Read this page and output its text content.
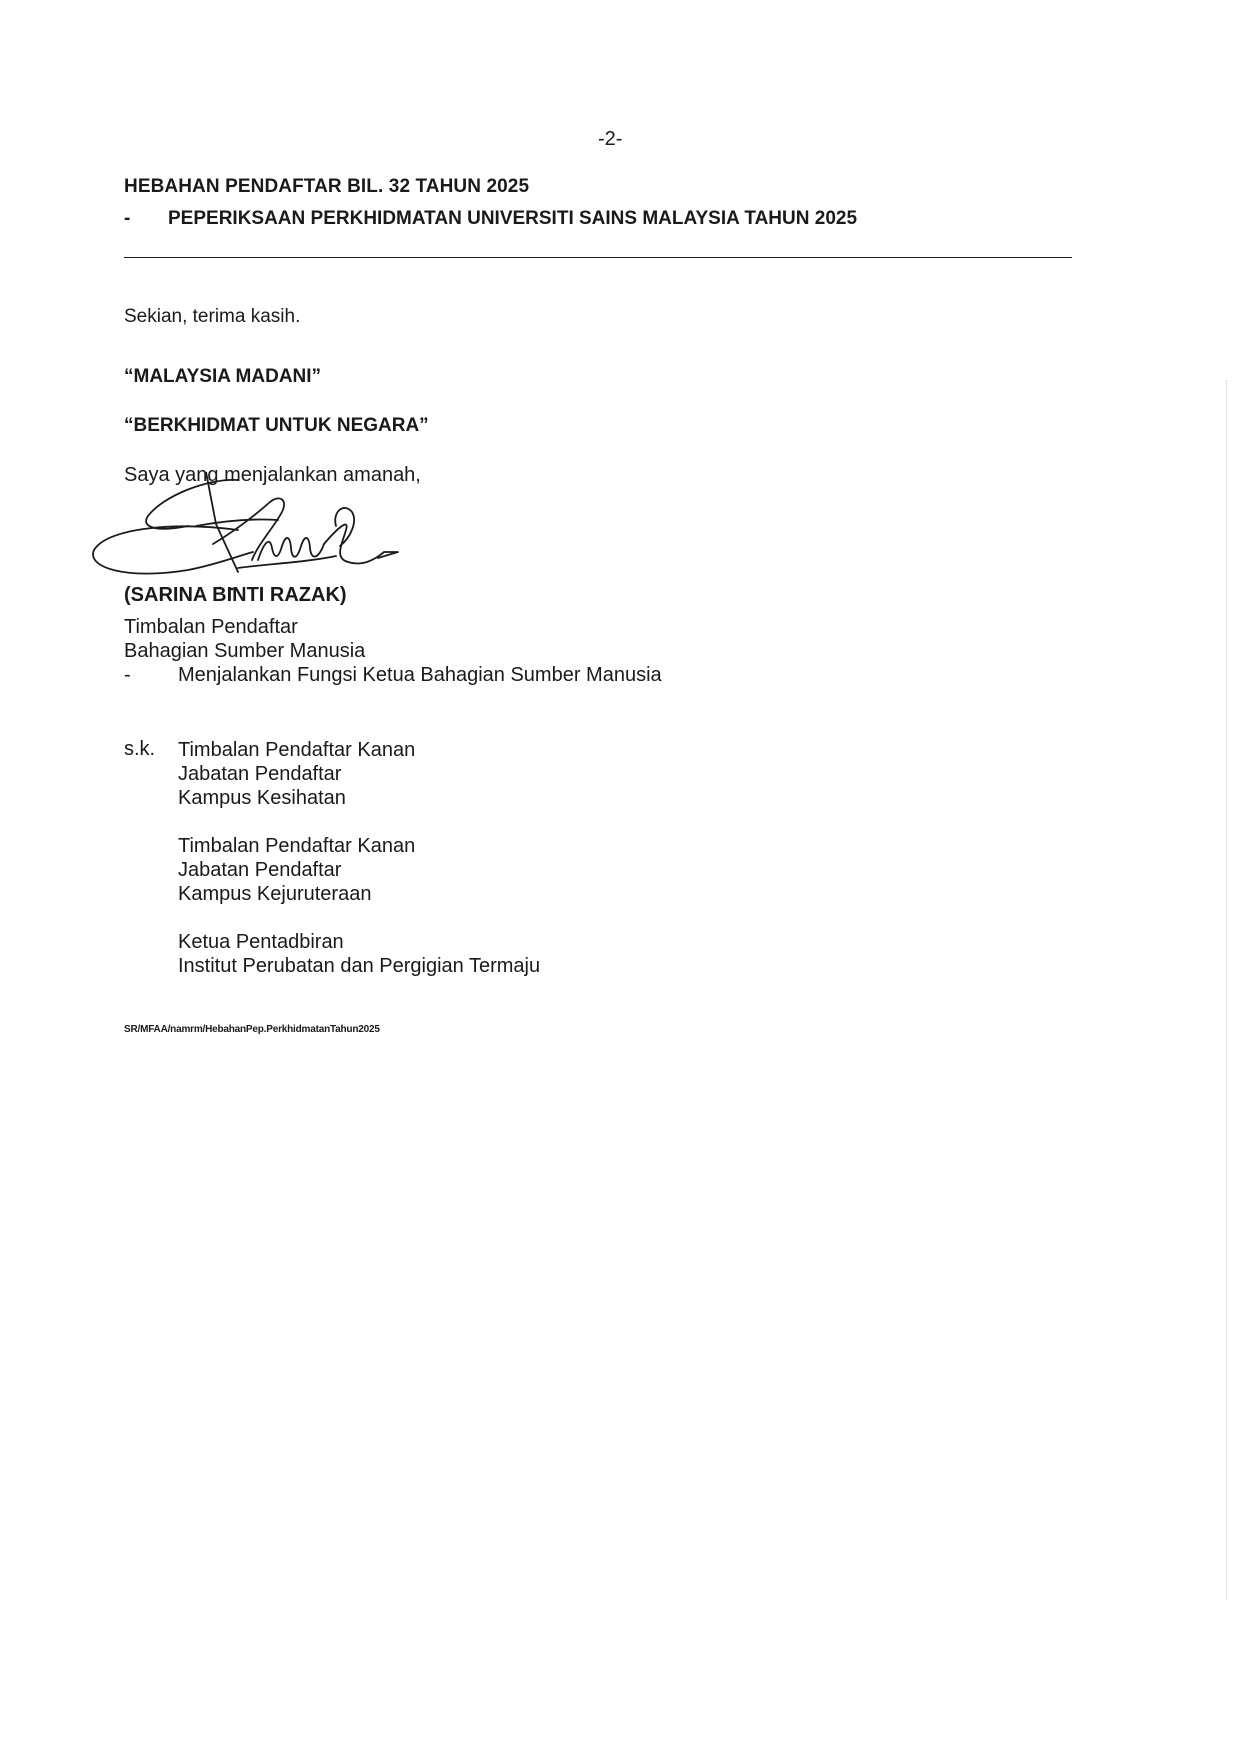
-2-
HEBAHAN PENDAFTAR BIL. 32 TAHUN 2025
- PEPERIKSAAN PERKHIDMATAN UNIVERSITI SAINS MALAYSIA TAHUN 2025
Sekian, terima kasih.
“MALAYSIA MADANI”
“BERKHIDMAT UNTUK NEGARA”
Saya yang menjalankan amanah,
(SARINA BINTI RAZAK)
Timbalan Pendaftar
Bahagian Sumber Manusia
- Menjalankan Fungsi Ketua Bahagian Sumber Manusia
s.k. Timbalan Pendaftar Kanan
Jabatan Pendaftar
Kampus Kesihatan
Timbalan Pendaftar Kanan
Jabatan Pendaftar
Kampus Kejuruteraan
Ketua Pentadbiran
Institut Perubatan dan Pergigian Termaju
SR/MFAA/namrm/HebahanPep.PerkhidmatanTahun2025
